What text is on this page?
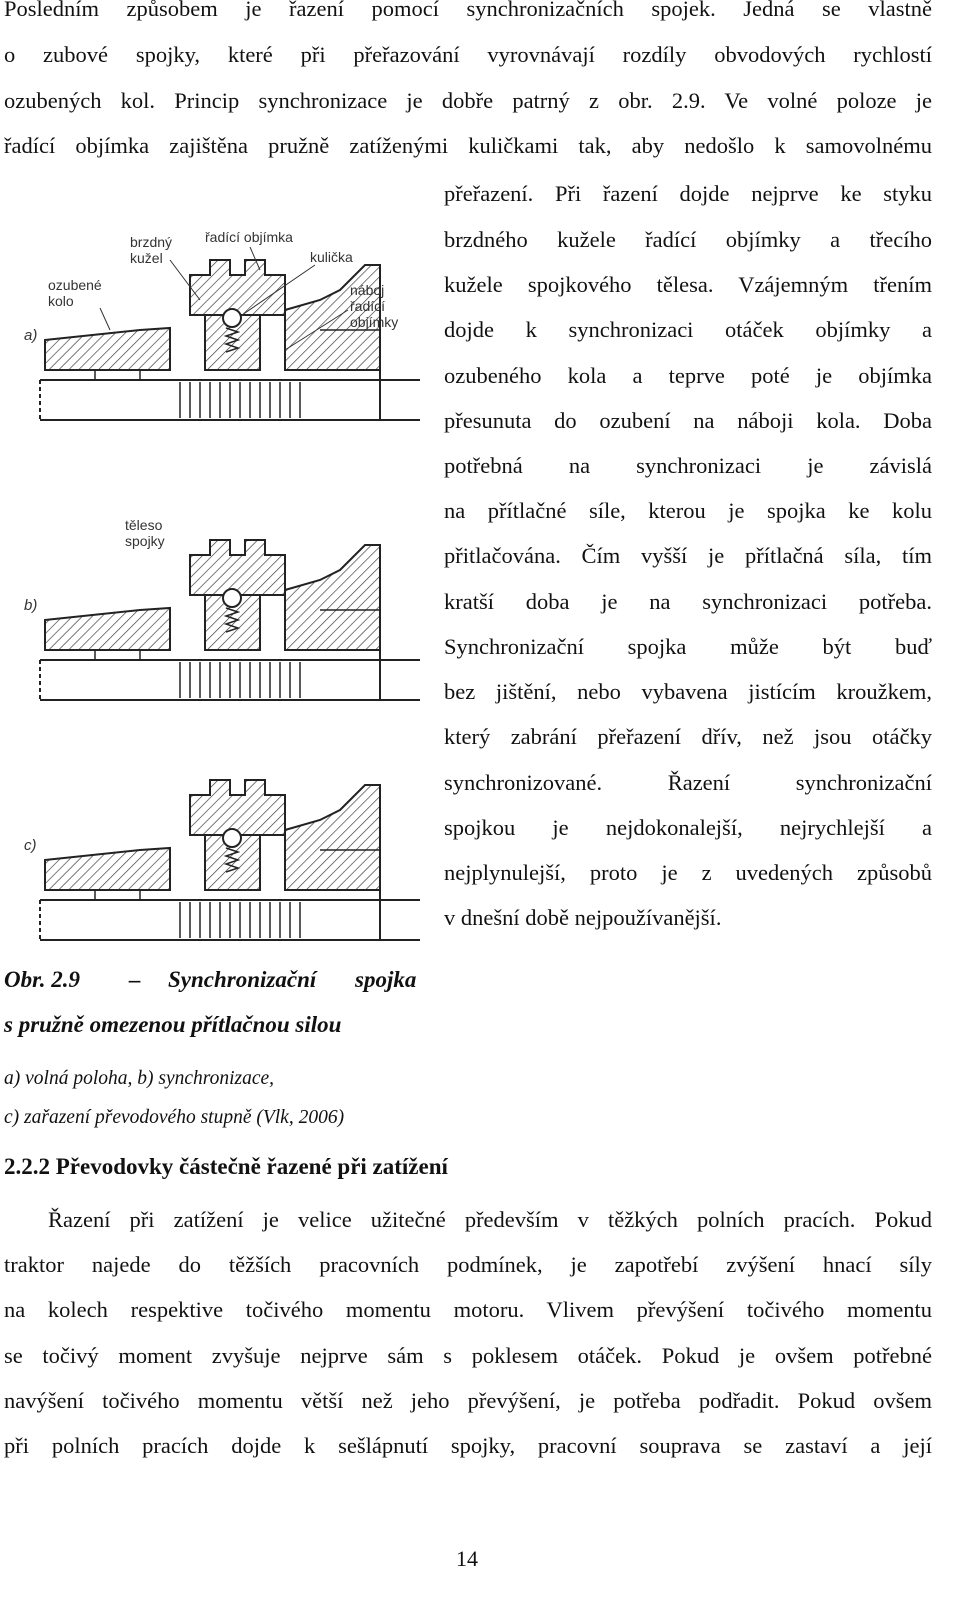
Posledním způsobem je řazení pomocí synchronizačních spojek. Jedná se vlastně
o zubové spojky, které při přeřazování vyrovnávají rozdíly obvodových rychlostí
ozubených kol. Princip synchronizace je dobře patrný z obr. 2.9. Ve volné poloze je
řadící objímka zajištěna pružně zatíženými kuličkami tak, aby nedošlo k samovolnému
přeřazení. Při řazení dojde nejprve ke styku
brzdného kužele řadící objímky a třecího
kužele spojkového tělesa. Vzájemným třením
dojde k synchronizaci otáček objímky a
ozubeného kola a teprve poté je objímka
přesunuta do ozubení na náboji kola. Doba
potřebná na synchronizaci je závislá
na přítlačné síle, kterou je spojka ke kolu
přitlačována. Čím vyšší je přítlačná síla, tím
kratší doba je na synchronizaci potřeba.
Synchronizační spojka může být buď
bez jištění, nebo vybavena jistícím kroužkem,
který zabrání přeřazení dřív, než jsou otáčky
synchronizované. Řazení synchronizační
spojkou je nejdokonalejší, nejrychlejší a
nejplynulejší, proto je z uvedených způsobů
v dnešní době nejpoužívanější.
a)
brzdný
kužel
řadící objímka
kulička
ozubené
kolo
náboj
řadící
objímky
b)
těleso
spojky
c)
Obr. 2.9 – Synchronizační spojka
s pružně omezenou přítlačnou silou
a) volná poloha, b) synchronizace,
c) zařazení převodového stupně (Vlk, 2006)
2.2.2 Převodovky částečně řazené při zatížení
Řazení při zatížení je velice užitečné především v těžkých polních pracích. Pokud
traktor najede do těžších pracovních podmínek, je zapotřebí zvýšení hnací síly
na kolech respektive točivého momentu motoru. Vlivem převýšení točivého momentu
se točivý moment zvyšuje nejprve sám s poklesem otáček. Pokud je ovšem potřebné
navýšení točivého momentu větší než jeho převýšení, je potřeba podřadit. Pokud ovšem
při polních pracích dojde k sešlápnutí spojky, pracovní souprava se zastaví a její
14
